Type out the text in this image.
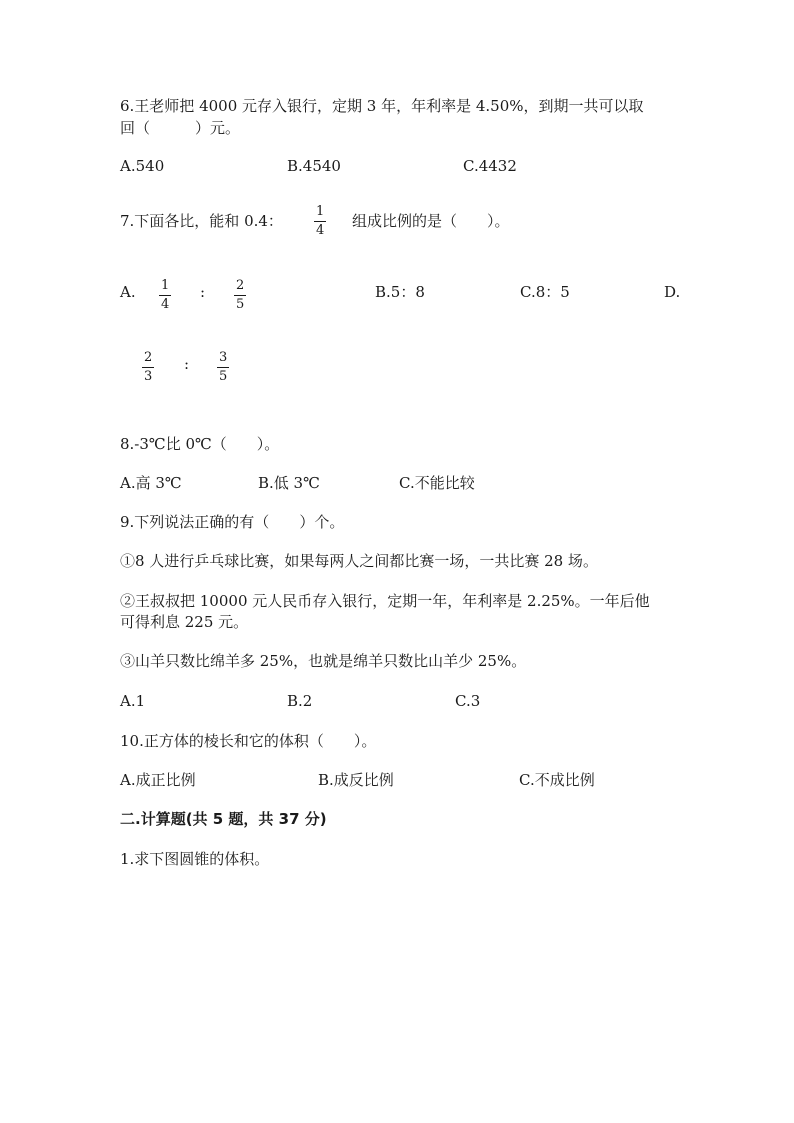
6.王老师把 4000 元存入银行，定期 3 年，年利率是 4.50%，到期一共可以取
回（　　　）元。
A.540	B.4540	C.4432
7.下面各比，能和 0.4： $\frac{1}{4}$ 组成比例的是（　　）。
A. $\frac{1}{4}$ : $\frac{2}{5}$	B.5：8	C.8：5	D.
$\frac{2}{3}$ : $\frac{3}{5}$
8.-3℃比 0℃（　　）。
A.高 3℃	B.低 3℃	C.不能比较
9.下列说法正确的有（　　）个。
①8 人进行乒乓球比赛，如果每两人之间都比赛一场，一共比赛 28 场。
②王叔叔把 10000 元人民币存入银行，定期一年，年利率是 2.25%。一年后他
可得利息 225 元。
③山羊只数比绵羊多 25%，也就是绵羊只数比山羊少 25%。
A.1	B.2	C.3
10.正方体的棱长和它的体积（　　）。
A.成正比例	B.成反比例	C.不成比例
二.计算题(共 5 题，共 37 分)
1.求下图圆锥的体积。
